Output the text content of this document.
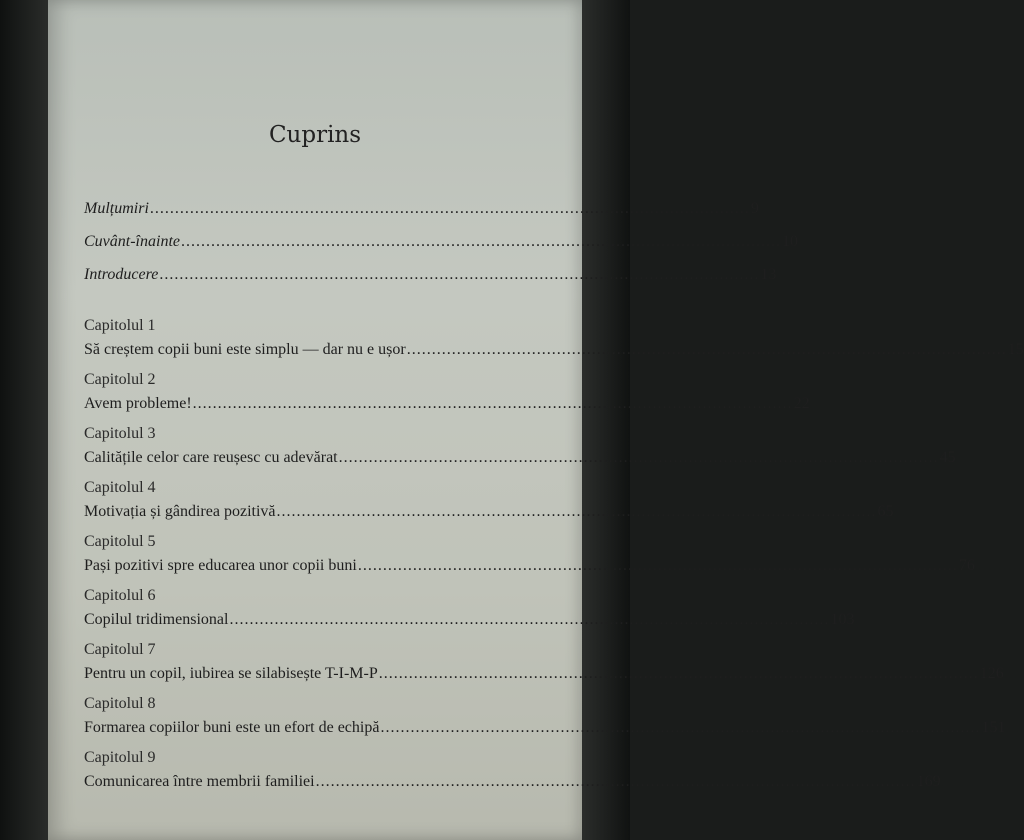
Cuprins
Mulțumiri ........................................................................................................................ 9
Cuvânt-înainte ........................................................................................................................ 10
Introducere ........................................................................................................................ 13
Capitolul 1
Să creștem copii buni este simplu — dar nu e ușor ........................................................................................................................ 15
Capitolul 2
Avem probleme! ........................................................................................................................ 22
Capitolul 3
Calitățile celor care reușesc cu adevărat ........................................................................................................................ 45
Capitolul 4
Motivația și gândirea pozitivă ........................................................................................................................ 65
Capitolul 5
Pași pozitivi spre educarea unor copii buni ........................................................................................................................ 76
Capitolul 6
Copilul tridimensional ........................................................................................................................ 103
Capitolul 7
Pentru un copil, iubirea se silabisește T-I-M-P ........................................................................................................................ 126
Capitolul 8
Formarea copiilor buni este un efort de echipă ........................................................................................................................ 151
Capitolul 9
Comunicarea între membrii familiei ........................................................................................................................ 169
